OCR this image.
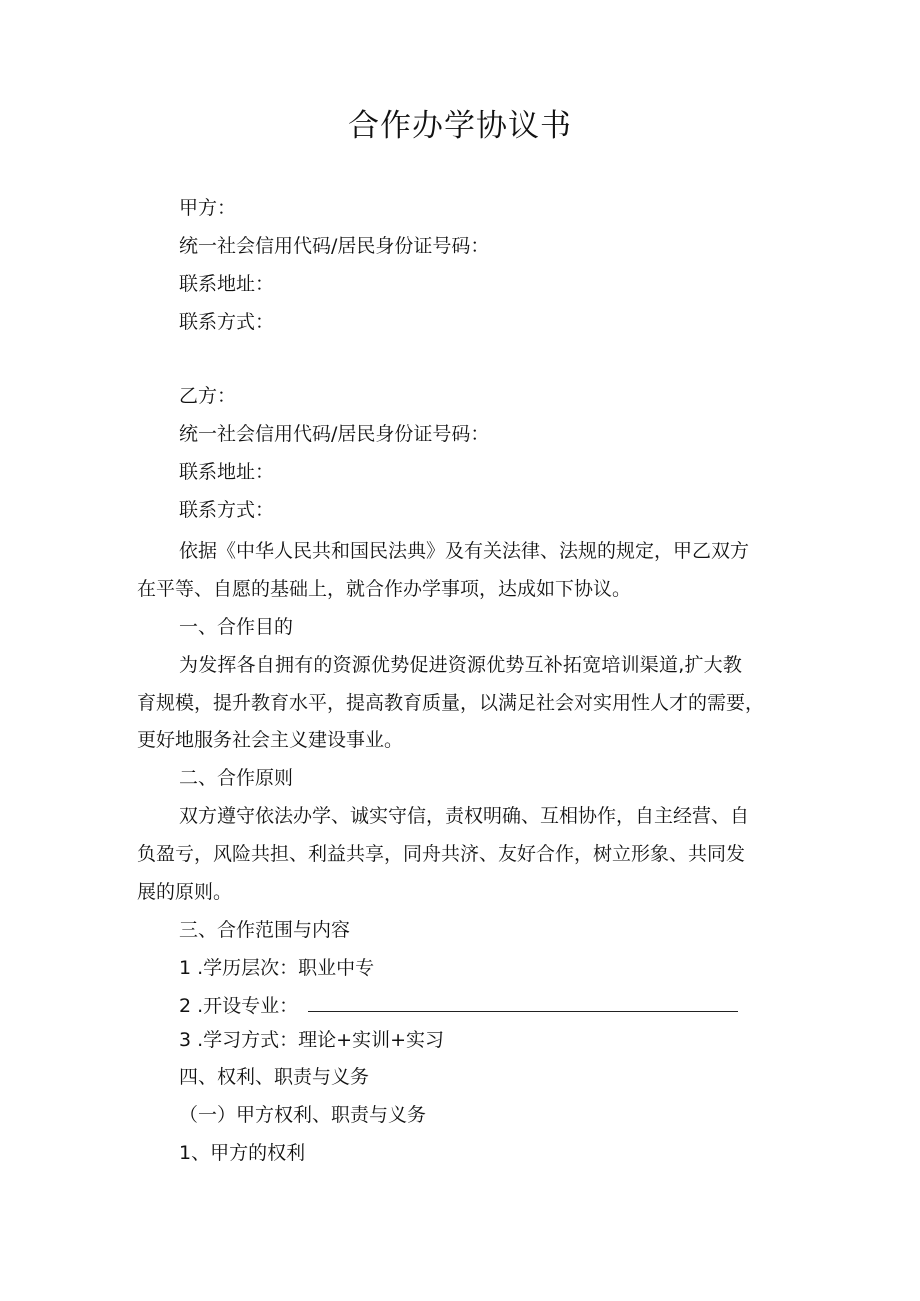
合作办学协议书
甲方：
统一社会信用代码/居民身份证号码：
联系地址：
联系方式：
乙方：
统一社会信用代码/居民身份证号码：
联系地址：
联系方式：
依据《中华人民共和国民法典》及有关法律、法规的规定，甲乙双方
在平等、自愿的基础上，就合作办学事项，达成如下协议。
一、合作目的
为发挥各自拥有的资源优势促进资源优势互补拓宽培训渠道,扩大教
育规模，提升教育水平，提高教育质量，以满足社会对实用性人才的需要，
更好地服务社会主义建设事业。
二、合作原则
双方遵守依法办学、诚实守信，责权明确、互相协作，自主经营、自
负盈亏，风险共担、利益共享，同舟共济、友好合作，树立形象、共同发
展的原则。
三、合作范围与内容
1 .学历层次：职业中专
2 .开设专业：
3 .学习方式：理论+实训+实习
四、权利、职责与义务
（一）甲方权利、职责与义务
1、甲方的权利
